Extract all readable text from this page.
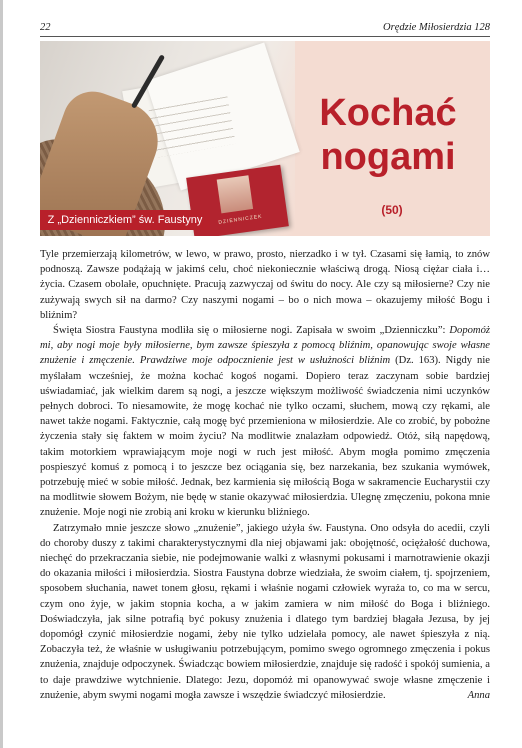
22	Orędzie Miłosierdzia 128
DZIENNICZEK
Kochać
nogami
(50)
Z „Dzienniczkiem” św. Faustyny

Tyle przemierzają kilometrów, w lewo, w prawo, prosto, nierzadko i w tył. Czasami się łamią, to znów podnoszą. Zawsze podążają w jakimś celu, choć niekoniecznie właściwą drogą. Niosą ciężar ciała i… życia. Czasem obolałe, opuchnięte. Pracują zazwyczaj od świtu do nocy. Ale czy są miłosierne? Czy nie zużywają swych sił na darmo? Czy naszymi nogami – bo o nich mowa – okazujemy miłość Bogu i bliźnim?

Święta Siostra Faustyna modliła się o miłosierne nogi. Zapisała w swoim „Dzienniczku”: Dopomóż mi, aby nogi moje były miłosierne, bym zawsze śpieszyła z pomocą bliźnim, opanowując swoje własne znużenie i zmęczenie. Prawdziwe moje odpocznienie jest w usłużności bliźnim (Dz. 163). Nigdy nie myślałam wcześniej, że można kochać kogoś nogami. Dopiero teraz zaczynam sobie bardziej uświadamiać, jak wielkim darem są nogi, a jeszcze większym możliwość świadczenia nimi uczynków pełnych dobroci. To niesamowite, że mogę kochać nie tylko oczami, słuchem, mową czy rękami, ale nawet także nogami. Faktycznie, całą mogę być przemieniona w miłosierdzie. Ale co zrobić, by pobożne życzenia stały się faktem w moim życiu? Na modlitwie znalazłam odpowiedź. Otóż, siłą napędową, takim motorkiem wprawiającym moje nogi w ruch jest miłość. Abym mogła pomimo zmęczenia pospieszyć komuś z pomocą i to jeszcze bez ociągania się, bez narzekania, bez szukania wymówek, potrzebuję mieć w sobie miłość. Jednak, bez karmienia się miłością Boga w sakramencie Eucharystii czy na modlitwie słowem Bożym, nie będę w stanie okazywać miłosierdzia. Ulegnę zmęczeniu, pokona mnie znużenie. Moje nogi nie zrobią ani kroku w kierunku bliźniego.

Zatrzymało mnie jeszcze słowo „znużenie”, jakiego użyła św. Faustyna. Ono odsyła do acedii, czyli do choroby duszy z takimi charakterystycznymi dla niej objawami jak: obojętność, ociężałość duchowa, niechęć do przekraczania siebie, nie podejmowanie walki z własnymi pokusami i marnotrawienie okazji do okazania miłości i miłosierdzia. Siostra Faustyna dobrze wiedziała, że swoim ciałem, tj. spojrzeniem, sposobem słuchania, nawet tonem głosu, rękami i właśnie nogami człowiek wyraża to, co ma w sercu, czym ono żyje, w jakim stopnia kocha, a w jakim zamiera w nim miłość do Boga i bliźniego. Doświadczyła, jak silne potrafią być pokusy znużenia i dlatego tym bardziej błagała Jezusa, by jej dopomógł czynić miłosierdzie nogami, żeby nie tylko udzielała pomocy, ale nawet śpieszyła z nią. Zobaczyła też, że właśnie w usługiwaniu potrzebującym, pomimo swego ogromnego zmęczenia i pokus znużenia, znajduje odpoczynek. Świadcząc bowiem miłosierdzie, znajduje się radość i spokój sumienia, a to daje prawdziwe wytchnienie. Dlatego: Jezu, dopomóż mi opanowywać swoje własne zmęczenie i znużenie, abym swymi nogami mogła zawsze i wszędzie świadczyć miłosierdzie.	Anna
